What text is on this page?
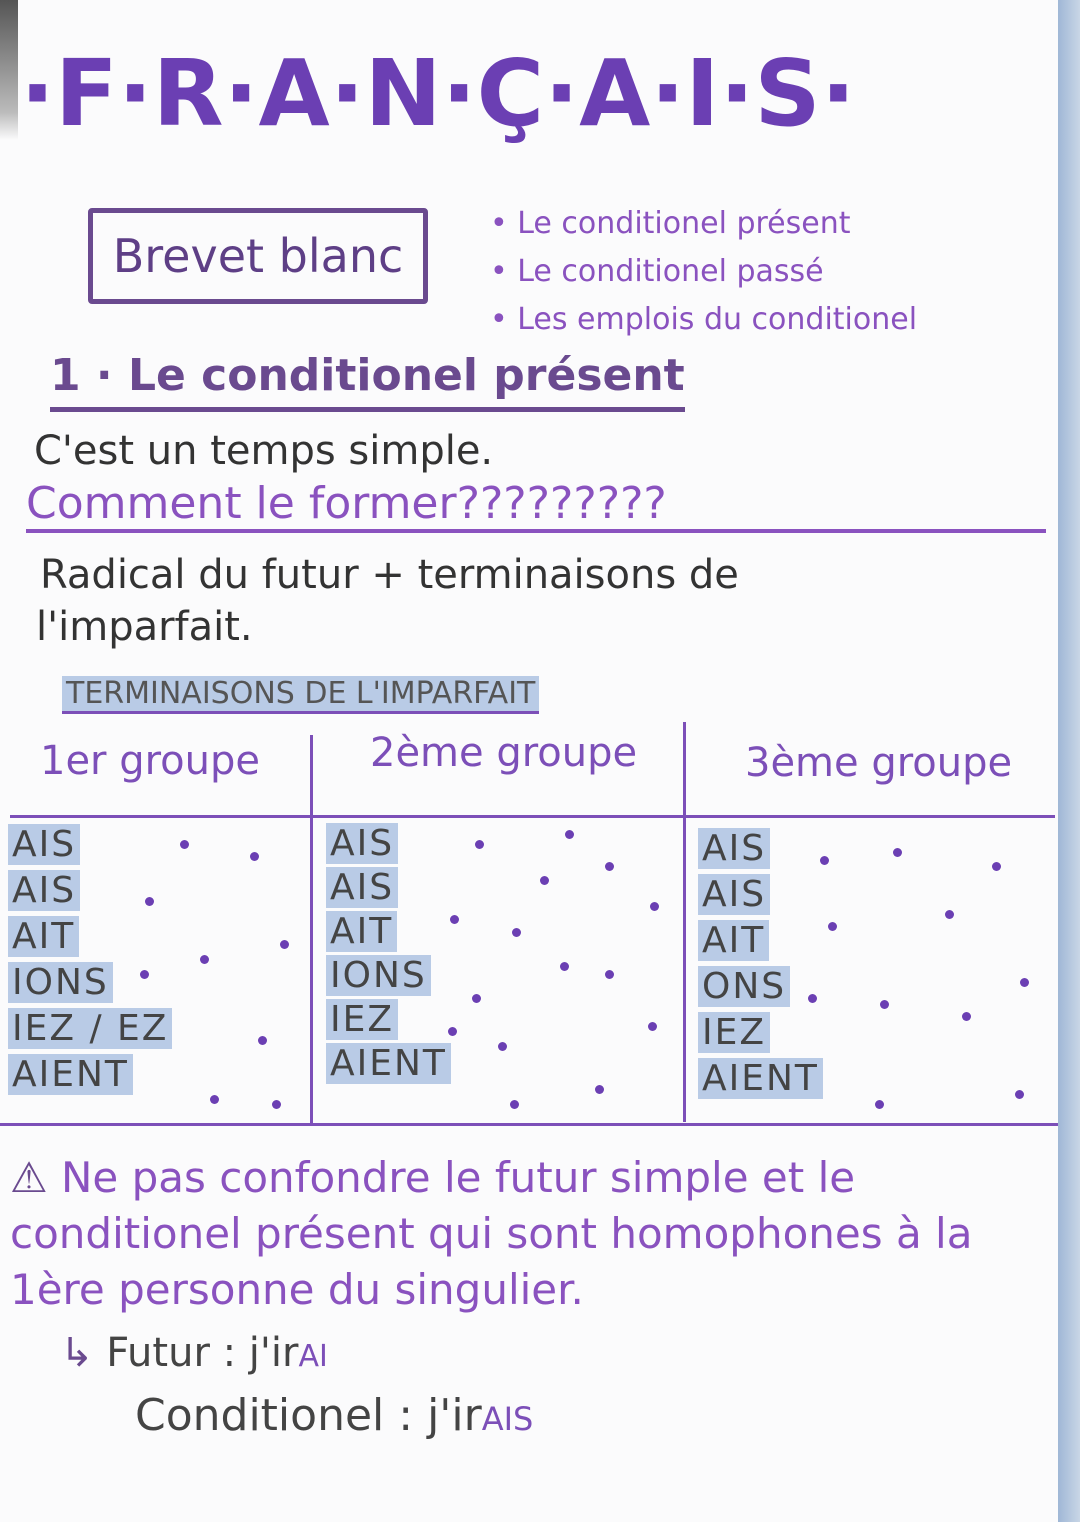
·F·R·A·N·Ç·A·I·S·
Brevet blanc
• Le conditionel présent
• Le conditionel passé
• Les emplois du conditionel
1 · Le conditionel présent
C'est un temps simple.
Comment le former?????????
Radical du futur + terminaisons de
l'imparfait.
TERMINAISONS DE L'IMPARFAIT
1er groupe	2ème groupe	3ème groupe
AIS
AIS
AIT
IONS
IEZ / EZ
AIENT
AIS
AIS
AIT
IONS
IEZ
AIENT
AIS
AIS
AIT
ONS
IEZ
AIENT
⚠ Ne pas confondre le futur simple et le conditionel présent qui sont homophones à la 1ère personne du singulier.
↳ Futur : j'irAI
Conditionel : j'irAIS
